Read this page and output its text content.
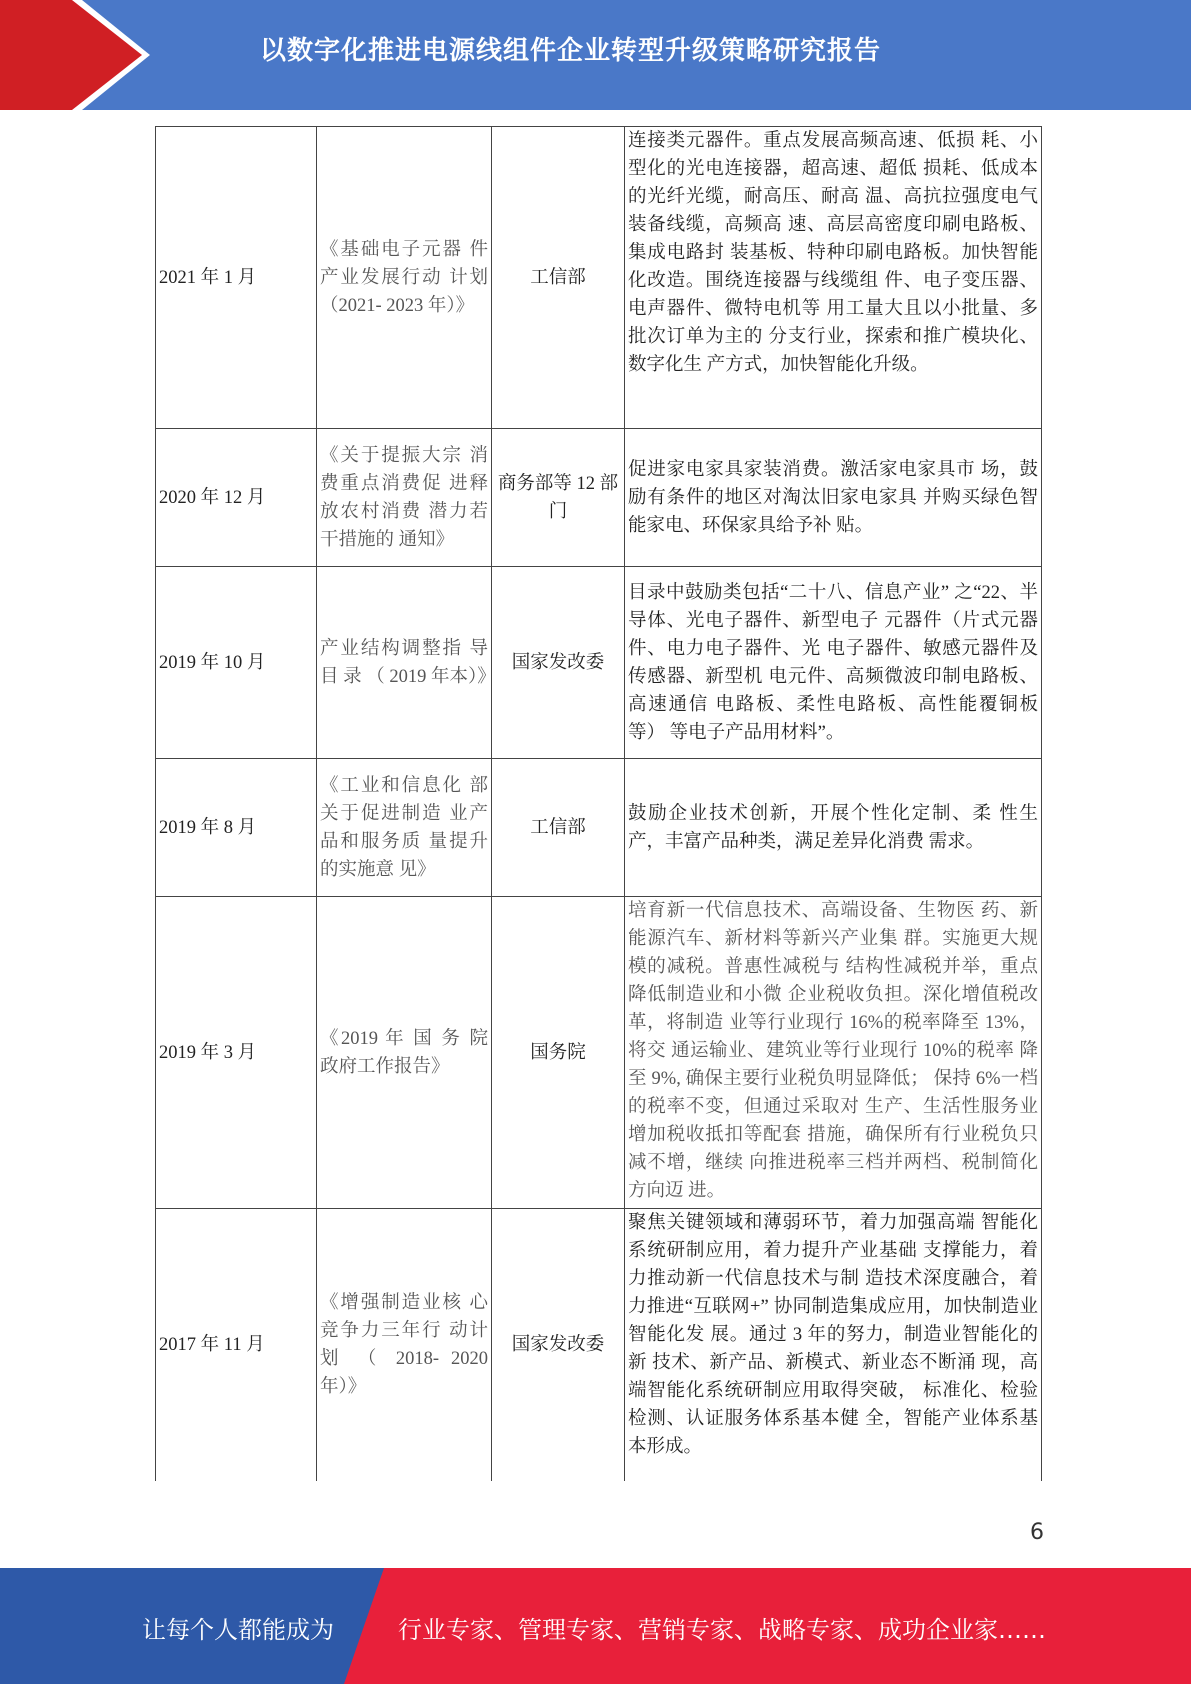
以数字化推进电源线组件企业转型升级策略研究报告
2021 年 1 月	《基础电子元器 件产业发展行动 计划（2021- 2023 年）》	工信部	连接类元器件。重点发展高频高速、低损 耗、小型化的光电连接器，超高速、超低 损耗、低成本的光纤光缆，耐高压、耐高 温、高抗拉强度电气装备线缆，高频高 速、高层高密度印刷电路板、集成电路封 装基板、特种印刷电路板。加快智能化改造。围绕连接器与线缆组 件、电子变压器、电声器件、微特电机等 用工量大且以小批量、多批次订单为主的 分支行业，探索和推广模块化、数字化生 产方式，加快智能化升级。
2020 年 12 月	《关于提振大宗 消费重点消费促 进释放农村消费 潜力若干措施的 通知》	商务部等 12 部门	促进家电家具家装消费。激活家电家具市 场，鼓励有条件的地区对淘汰旧家电家具 并购买绿色智能家电、环保家具给予补 贴。
2019 年 10 月	产业结构调整指 导 目 录 （ 2019 年本）》	国家发改委	目录中鼓励类包括“二十八、信息产业” 之“22、半导体、光电子器件、新型电子 元器件（片式元器件、电力电子器件、光 电子器件、敏感元器件及传感器、新型机 电元件、高频微波印制电路板、高速通信 电路板、柔性电路板、高性能覆铜板等） 等电子产品用材料”。
2019 年 8 月	《工业和信息化 部关于促进制造 业产品和服务质 量提升的实施意 见》	工信部	鼓励企业技术创新，开展个性化定制、柔 性生产，丰富产品种类，满足差异化消费 需求。
2019 年 3 月	《2019 年 国 务 院 政府工作报告》	国务院	培育新一代信息技术、高端设备、生物医 药、新能源汽车、新材料等新兴产业集 群。实施更大规模的减税。普惠性减税与 结构性减税并举，重点降低制造业和小微 企业税收负担。深化增值税改革，将制造 业等行业现行 16%的税率降至 13%，将交 通运输业、建筑业等行业现行 10%的税率 降至 9%, 确保主要行业税负明显降低； 保持 6%一档的税率不变，但通过采取对 生产、生活性服务业增加税收抵扣等配套 措施，确保所有行业税负只减不增，继续 向推进税率三档并两档、税制简化方向迈 进。
2017 年 11 月	《增强制造业核 心竞争力三年行 动计划 （ 2018- 2020 年）》	国家发改委	聚焦关键领域和薄弱环节，着力加强高端 智能化系统研制应用，着力提升产业基础 支撑能力，着力推动新一代信息技术与制 造技术深度融合，着力推进“互联网+” 协同制造集成应用，加快制造业智能化发 展。通过 3 年的努力，制造业智能化的新 技术、新产品、新模式、新业态不断涌 现，高端智能化系统研制应用取得突破， 标准化、检验检测、认证服务体系基本健 全，智能产业体系基本形成。
6
让每个人都能成为	行业专家、管理专家、营销专家、战略专家、成功企业家……
